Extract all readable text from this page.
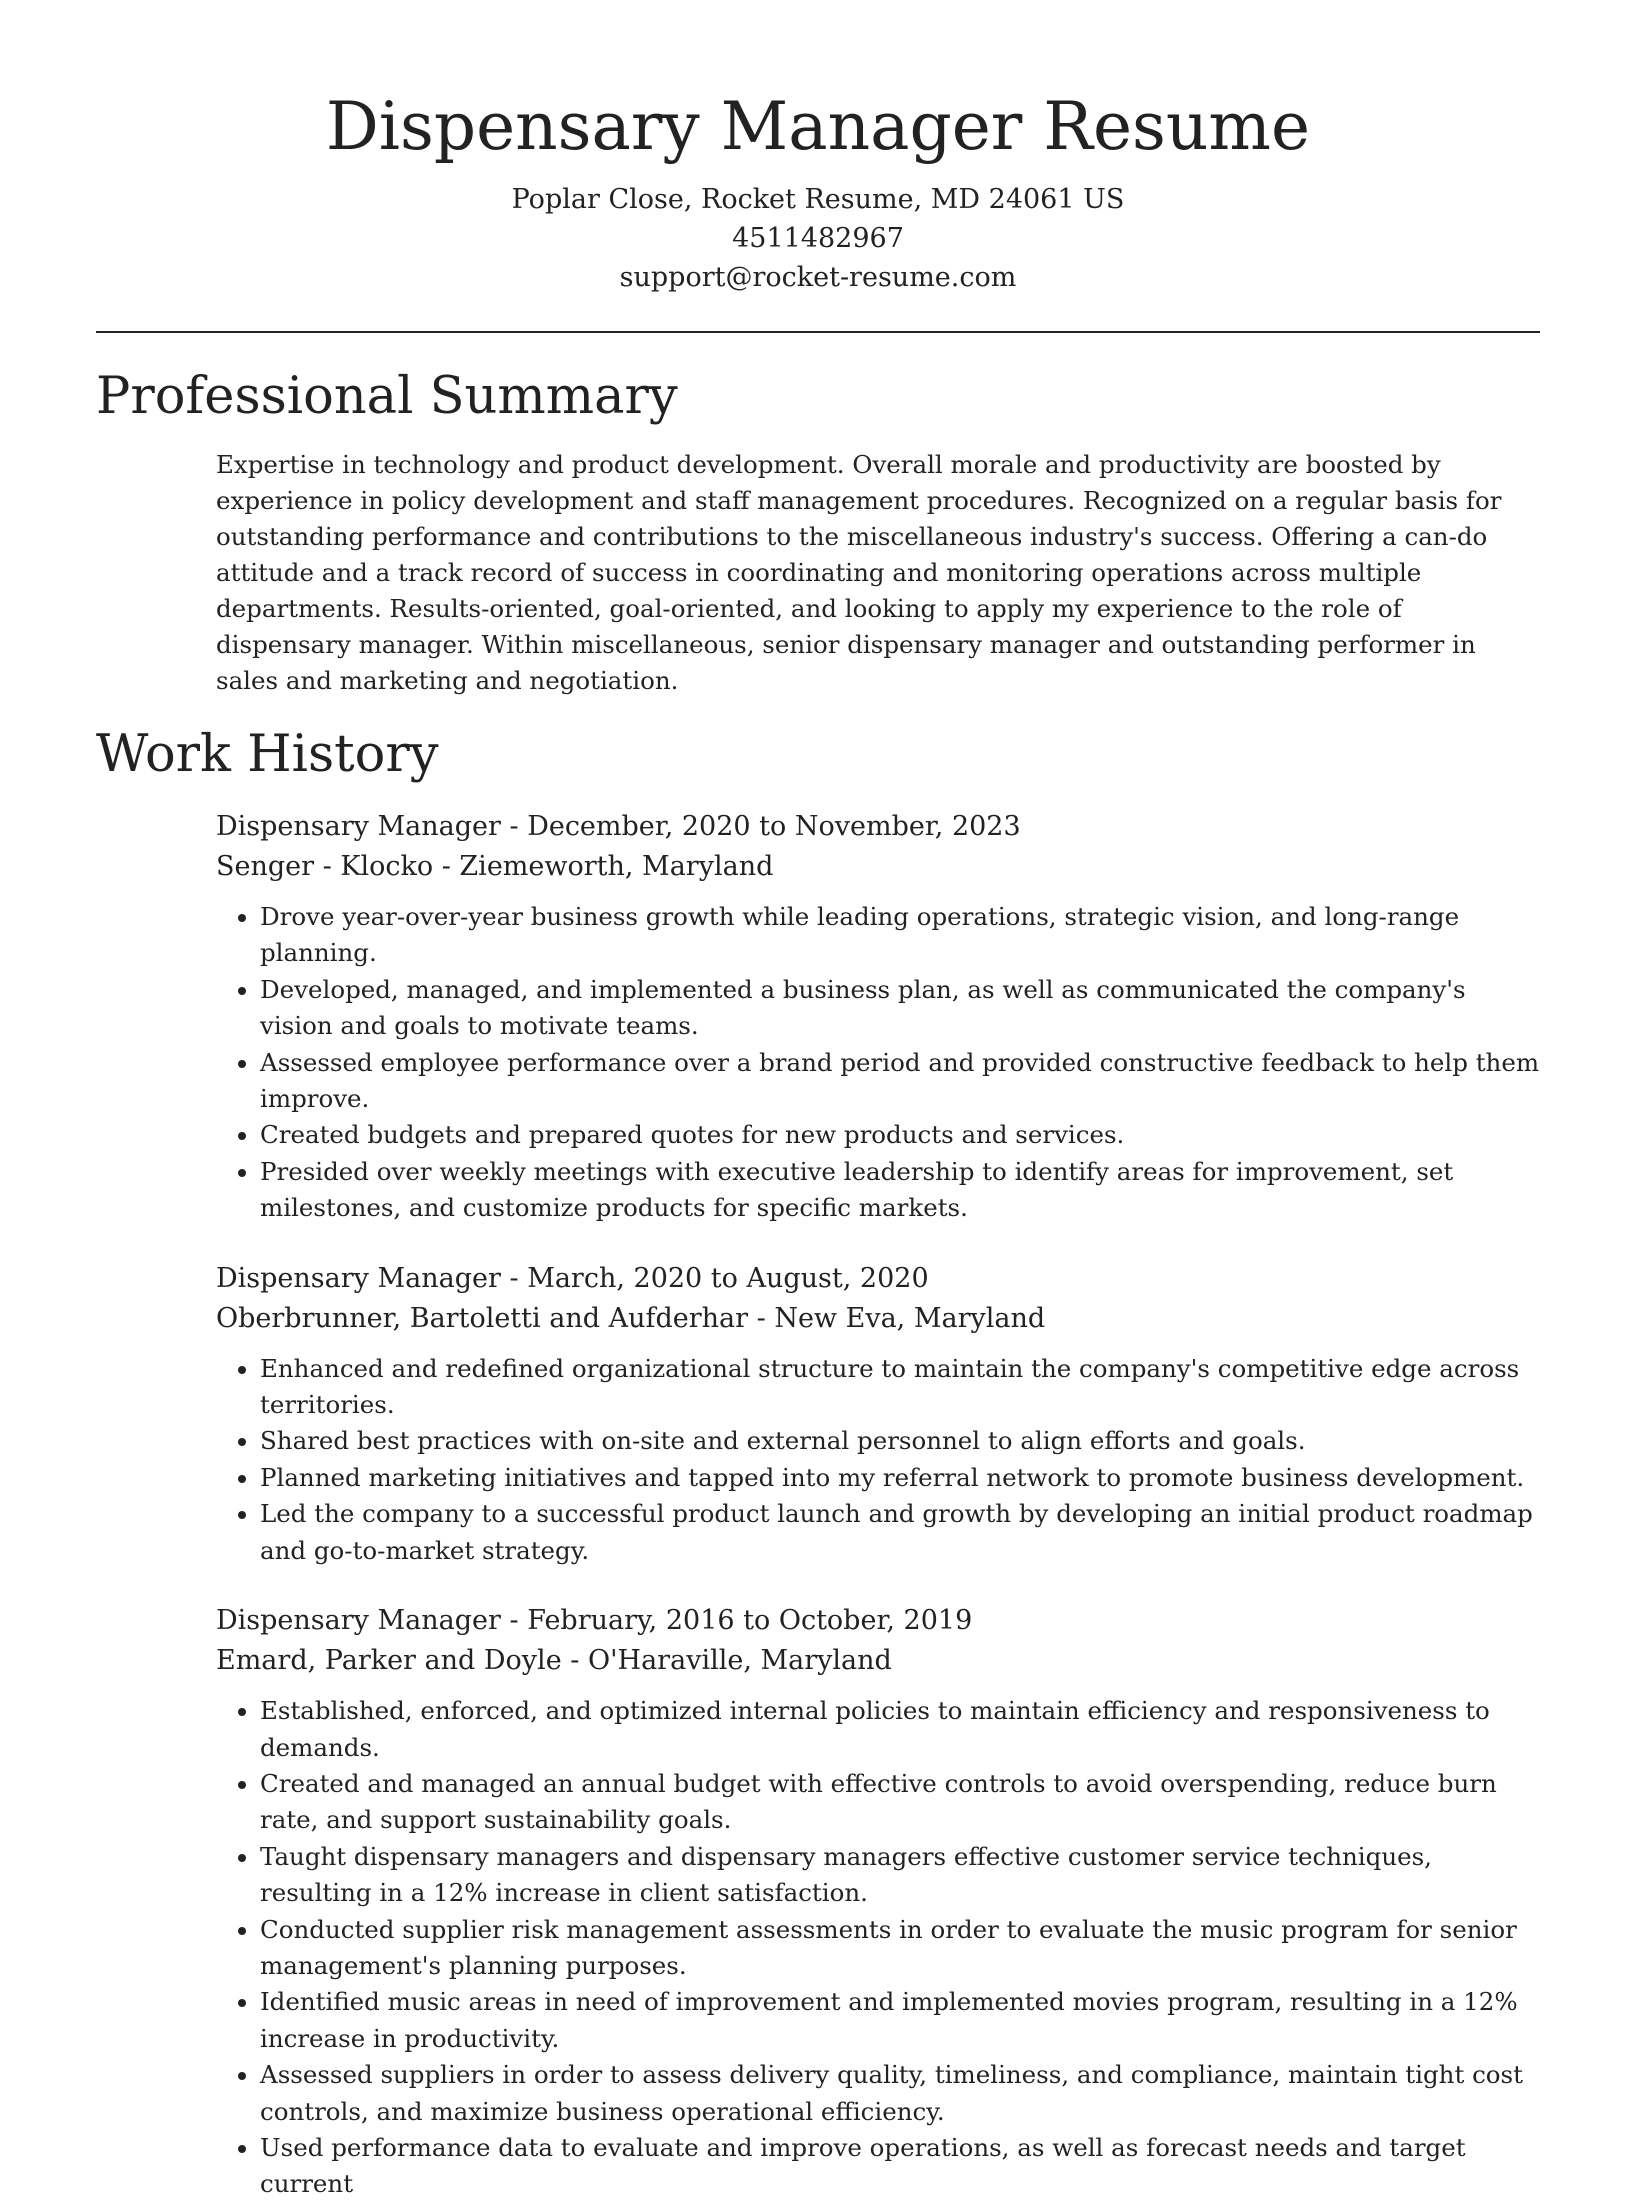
Dispensary Manager Resume
Poplar Close, Rocket Resume, MD 24061 US
4511482967
support@rocket-resume.com
Professional Summary

Expertise in technology and product development. Overall morale and productivity are boosted by experience in policy development and staff management procedures. Recognized on a regular basis for outstanding performance and contributions to the miscellaneous industry's success. Offering a can-do attitude and a track record of success in coordinating and monitoring operations across multiple departments. Results-oriented, goal-oriented, and looking to apply my experience to the role of dispensary manager. Within miscellaneous, senior dispensary manager and outstanding performer in sales and marketing and negotiation.

Work History
Dispensary Manager - December, 2020 to November, 2023
Senger - Klocko - Ziemeworth, Maryland
• Drove year-over-year business growth while leading operations, strategic vision, and long-range planning.
• Developed, managed, and implemented a business plan, as well as communicated the company's vision and goals to motivate teams.
• Assessed employee performance over a brand period and provided constructive feedback to help them improve.
• Created budgets and prepared quotes for new products and services.
• Presided over weekly meetings with executive leadership to identify areas for improvement, set milestones, and customize products for specific markets.
Dispensary Manager - March, 2020 to August, 2020
Oberbrunner, Bartoletti and Aufderhar - New Eva, Maryland
• Enhanced and redefined organizational structure to maintain the company's competitive edge across territories.
• Shared best practices with on-site and external personnel to align efforts and goals.
• Planned marketing initiatives and tapped into my referral network to promote business development.
• Led the company to a successful product launch and growth by developing an initial product roadmap and go-to-market strategy.
Dispensary Manager - February, 2016 to October, 2019
Emard, Parker and Doyle - O'Haraville, Maryland
• Established, enforced, and optimized internal policies to maintain efficiency and responsiveness to demands.
• Created and managed an annual budget with effective controls to avoid overspending, reduce burn rate, and support sustainability goals.
• Taught dispensary managers and dispensary managers effective customer service techniques, resulting in a 12% increase in client satisfaction.
• Conducted supplier risk management assessments in order to evaluate the music program for senior management's planning purposes.
• Identified music areas in need of improvement and implemented movies program, resulting in a 12% increase in productivity.
• Assessed suppliers in order to assess delivery quality, timeliness, and compliance, maintain tight cost controls, and maximize business operational efficiency.
• Used performance data to evaluate and improve operations, as well as forecast needs and target current
